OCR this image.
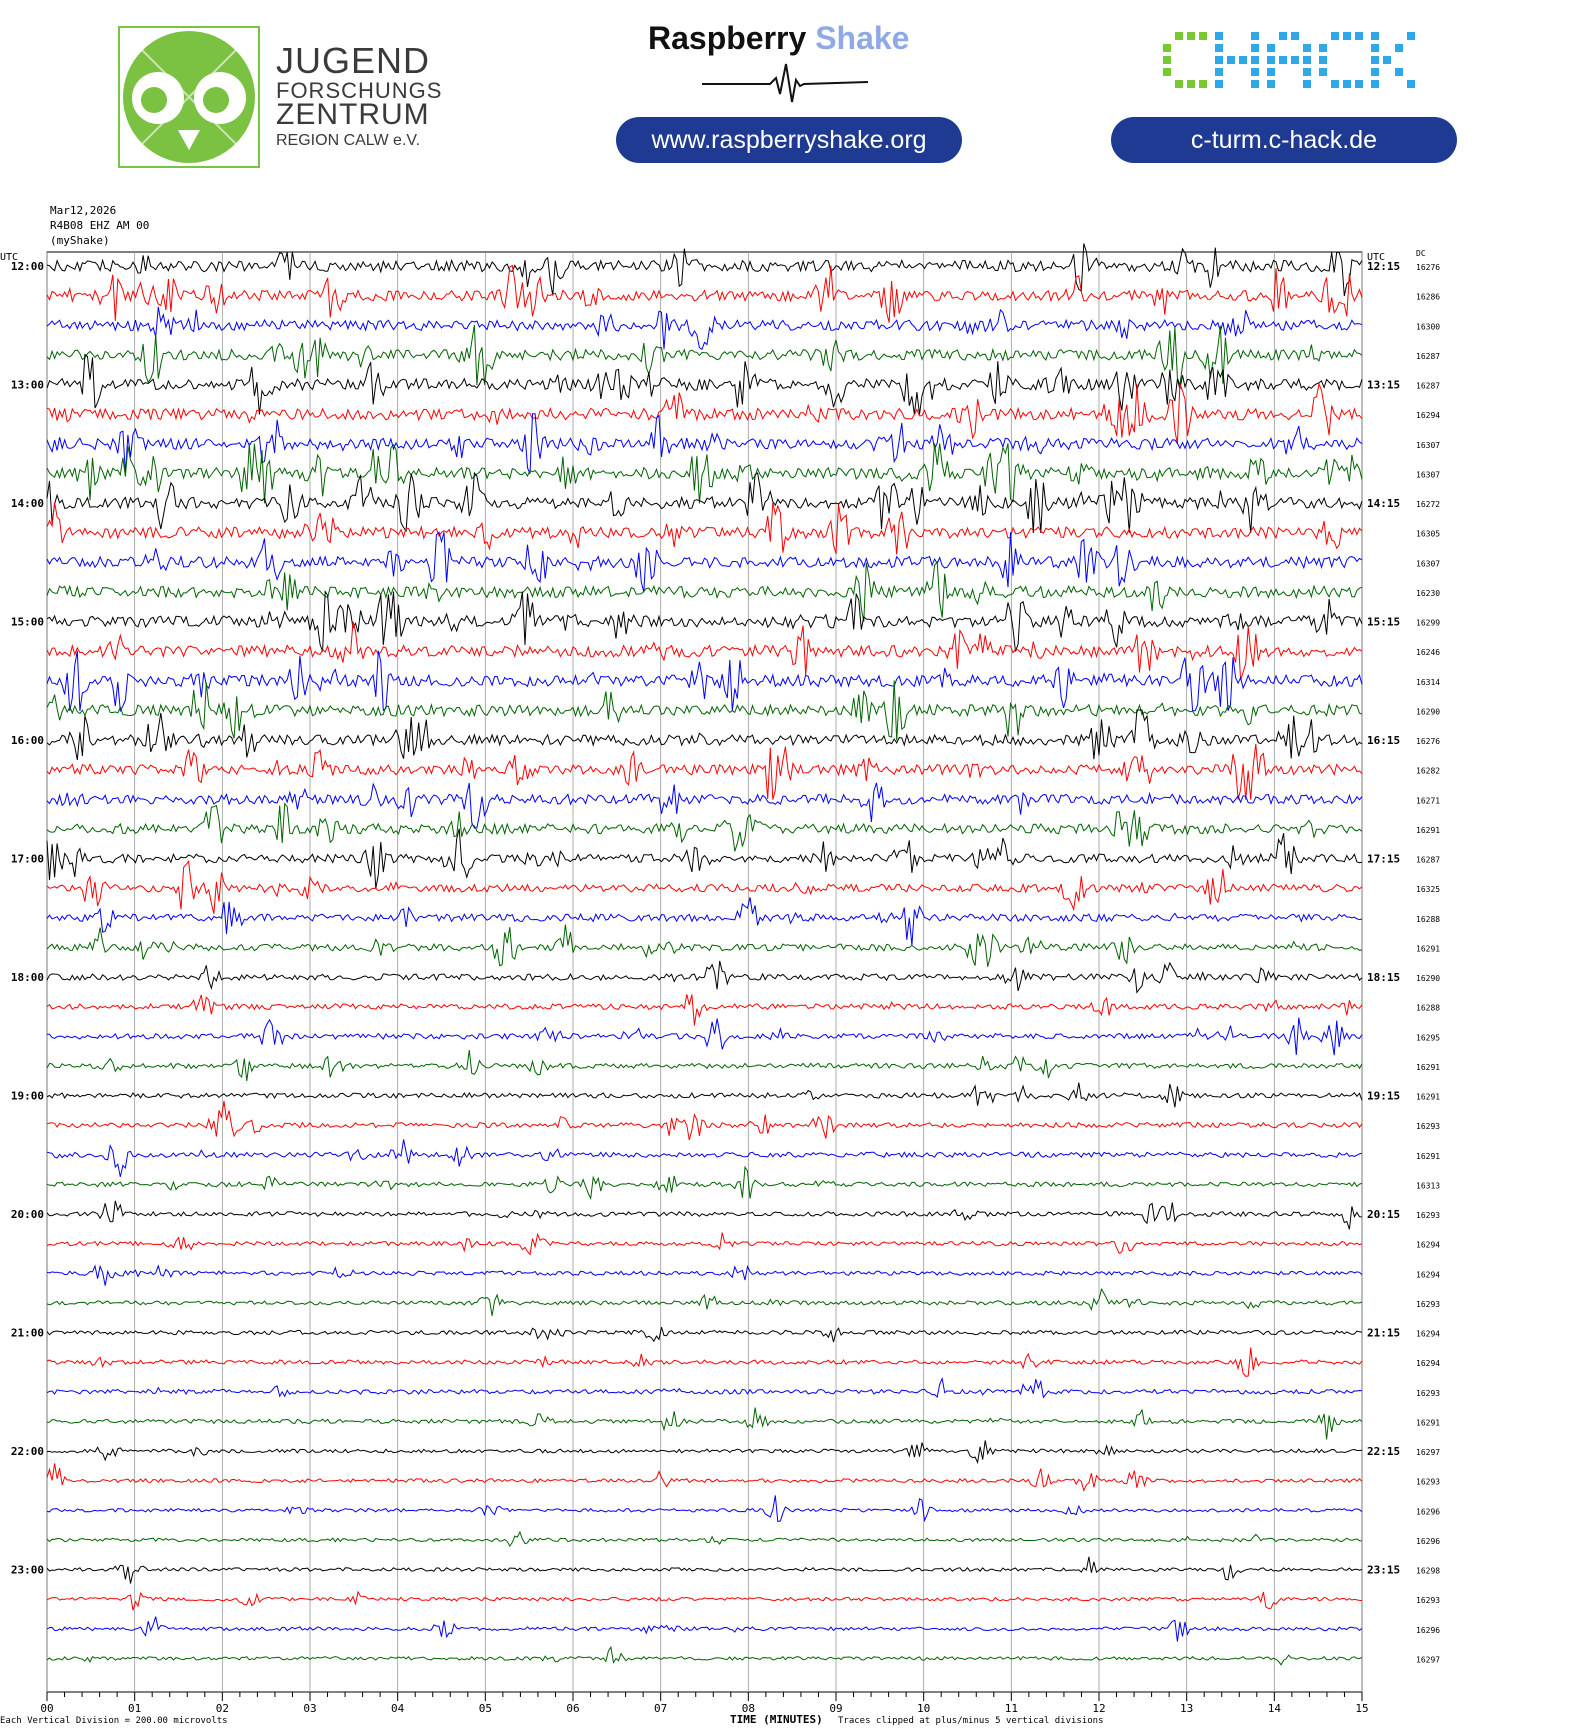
JUGEND
FORSCHUNGS
ZENTRUM
REGION CALW e.V.
Raspberry Shake
www.raspberryshake.org
CHACK
c-turm.c-hack.de
Mar12,2026
R4B08 EHZ AM 00
(myShake)
00	01	02	03	04	05	06	07	08	09	10	11	12	13	14	15
UTC	UTC	DC
12:00	12:15 16276
16286
16300
16287
13:00	13:15 16287
16294
16307
16307
14:00	14:15 16272
16305
16307
16230
15:00	15:15 16299
16246
16314
16290
16:00	16:15 16276
16282
16271
16291
17:00	17:15 16287
16325
16288
16291
18:00	18:15 16290
16288
16295
16291
19:00	19:15 16291
16293
16291
16313
20:00	20:15 16293
16294
16294
16293
21:00	21:15 16294
16294
16293
16291
22:00	22:15 16297
16293
16296
16296
23:00	23:15 16298
16293
16296
16297
Each Vertical Division = 200.00 microvolts	TIME (MINUTES) Traces clipped at plus/minus 5 vertical divisions
